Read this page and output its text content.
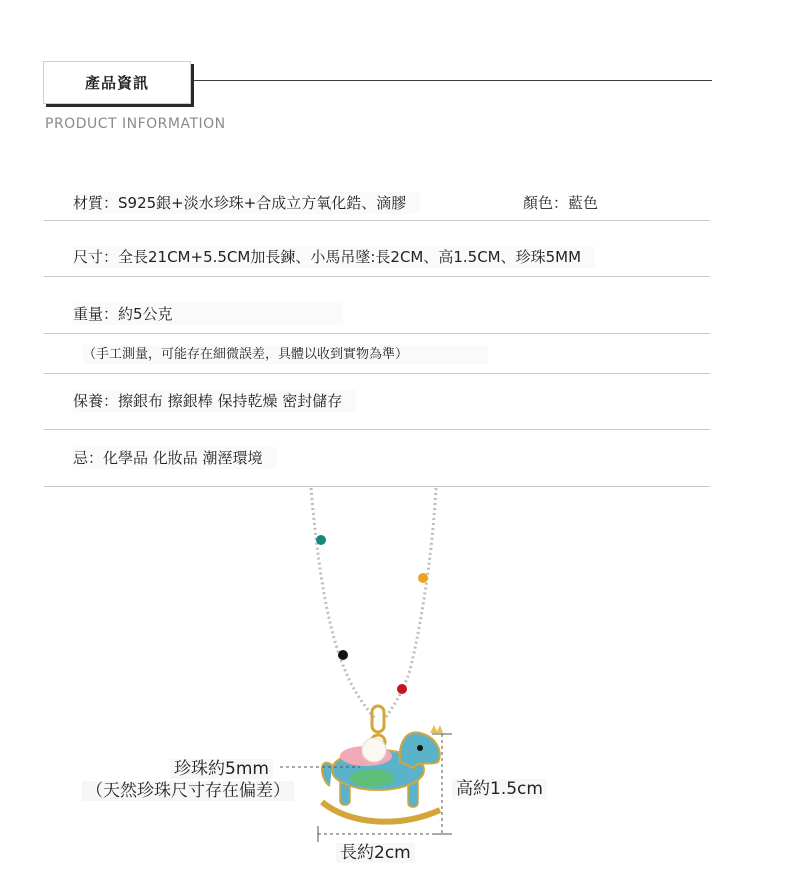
產品資訊
PRODUCT INFORMATION
材質：S925銀+淡水珍珠+合成立方氧化鋯、滴膠	顏色：藍色
尺寸：全長21CM+5.5CM加長鍊、小馬吊墜:長2CM、高1.5CM、珍珠5MM
重量：約5公克
（手工測量，可能存在細微誤差，具體以收到實物為準）
保養：擦銀布 擦銀棒 保持乾燥 密封儲存
忌：化學品 化妝品 潮溼環境
珍珠約5mm
（天然珍珠尺寸存在偏差）	高約1.5cm
長約2cm
